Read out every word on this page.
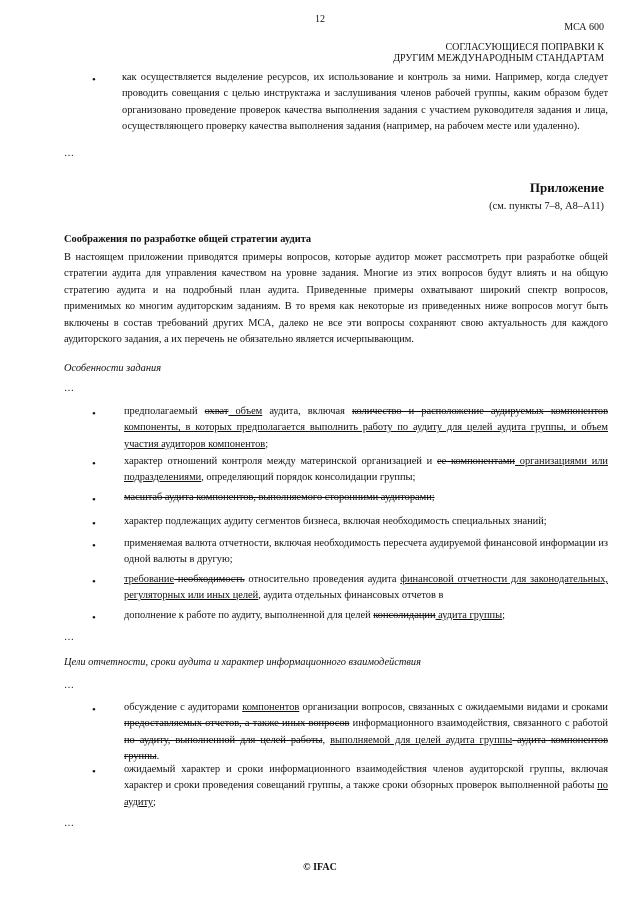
12
МСА 600
СОГЛАСУЮЩИЕСЯ ПОПРАВКИ К
ДРУГИМ МЕЖДУНАРОДНЫМ СТАНДАРТАМ
•	как осуществляется выделение ресурсов, их использование и контроль за ними. Например, когда следует проводить совещания с целью инструктажа и заслушивания членов рабочей группы, каким образом будет организовано проведение проверок качества выполнения задания с участием руководителя задания и лица, осуществляющего проверку качества выполнения задания (например, на рабочем месте или удаленно).
…
Приложение
(см. пункты 7–8, A8–A11)
Соображения по разработке общей стратегии аудита
В настоящем приложении приводятся примеры вопросов, которые аудитор может рассмотреть при разработке общей стратегии аудита для управления качеством на уровне задания. Многие из этих вопросов будут влиять и на общую стратегию аудита и на подробный план аудита. Приведенные примеры охватывают широкий спектр вопросов, применимых ко многим аудиторским заданиям. В то время как некоторые из приведенных ниже вопросов могут быть включены в состав требований других МСА, далеко не все эти вопросы сохраняют свою актуальность для каждого аудиторского задания, а их перечень не обязательно является исчерпывающим.
Особенности задания
…
•	предполагаемый охват объем аудита, включая количество и расположение аудируемых компонентов компоненты, в которых предполагается выполнить работу по аудиту для целей аудита группы, и объем участия аудиторов компонентов;
•	характер отношений контроля между материнской организацией и ее компонентами организациями или подразделениями, определяющий порядок консолидации группы;
•	масштаб аудита компонентов, выполняемого сторонними аудиторами;
•	характер подлежащих аудиту сегментов бизнеса, включая необходимость специальных знаний;
•	применяемая валюта отчетности, включая необходимость пересчета аудируемой финансовой информации из одной валюты в другую;
•	требование необходимость относительно проведения аудита финансовой отчетности для законодательных, регуляторных или иных целей, аудита отдельных финансовых отчетов в
•	дополнение к работе по аудиту, выполненной для целей консолидации аудита группы;
…
Цели отчетности, сроки аудита и характер информационного взаимодействия
…
•	обсуждение с аудиторами компонентов организации вопросов, связанных с ожидаемыми видами и сроками предоставляемых отчетов, а также иных вопросов информационного взаимодействия, связанного с работой по аудиту, выполненной для целей работы, выполняемой для целей аудита группы аудита компонентов группы.
•	ожидаемый характер и сроки информационного взаимодействия членов аудиторской группы, включая характер и сроки проведения совещаний группы, а также сроки обзорных проверок выполненной работы по аудиту;
…
© IFAC
